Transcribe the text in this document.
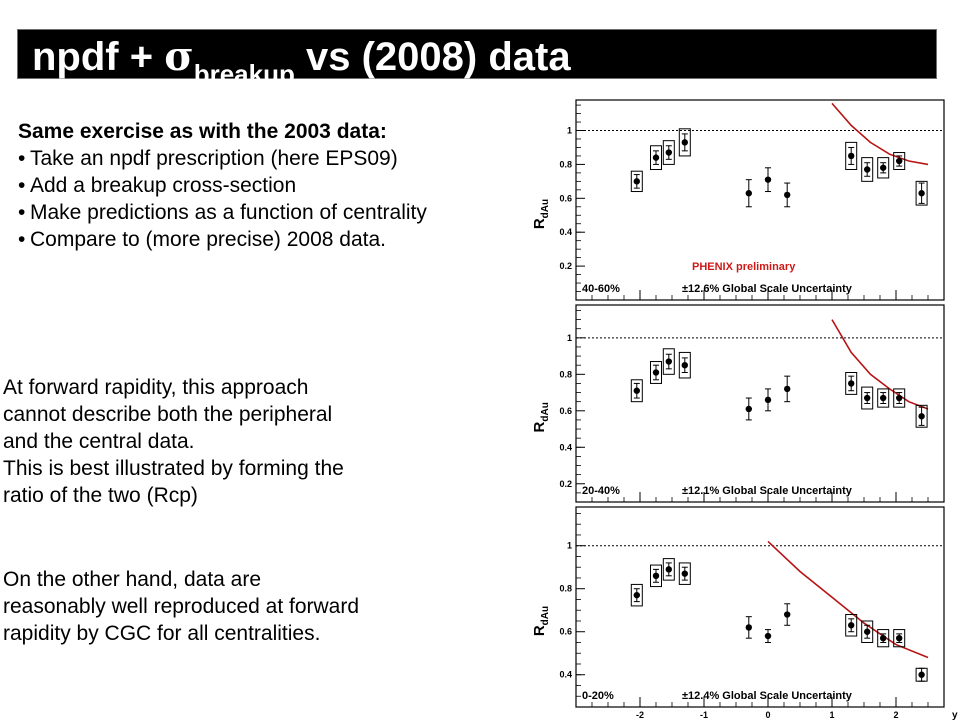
npdf + $\sigma_{breakup}$ vs (2008) data
Same exercise as with the 2003 data:
• Take an npdf prescription (here EPS09)
• Add a breakup cross-section
• Make predictions as a function of centrality
• Compare to (more precise) 2008 data.
At forward rapidity, this approach
cannot describe both the peripheral
and the central data.
This is best illustrated by forming the
ratio of the two (Rcp)
On the other hand, data are
reasonably well reproduced at forward
rapidity by CGC for all centralities.
0.2
0.4
0.6
0.8
1
$R_{dAu}$
40-60%	±12.6% Global Scale Uncertainty
PHENIX preliminary
0.2
0.4
0.6
0.8
1
$R_{dAu}$
20-40%	±12.1% Global Scale Uncertainty
0.4
0.6
0.8
1
-2	-1	0	1	2	y
$R_{dAu}$
0-20%	±12.4% Global Scale Uncertainty
